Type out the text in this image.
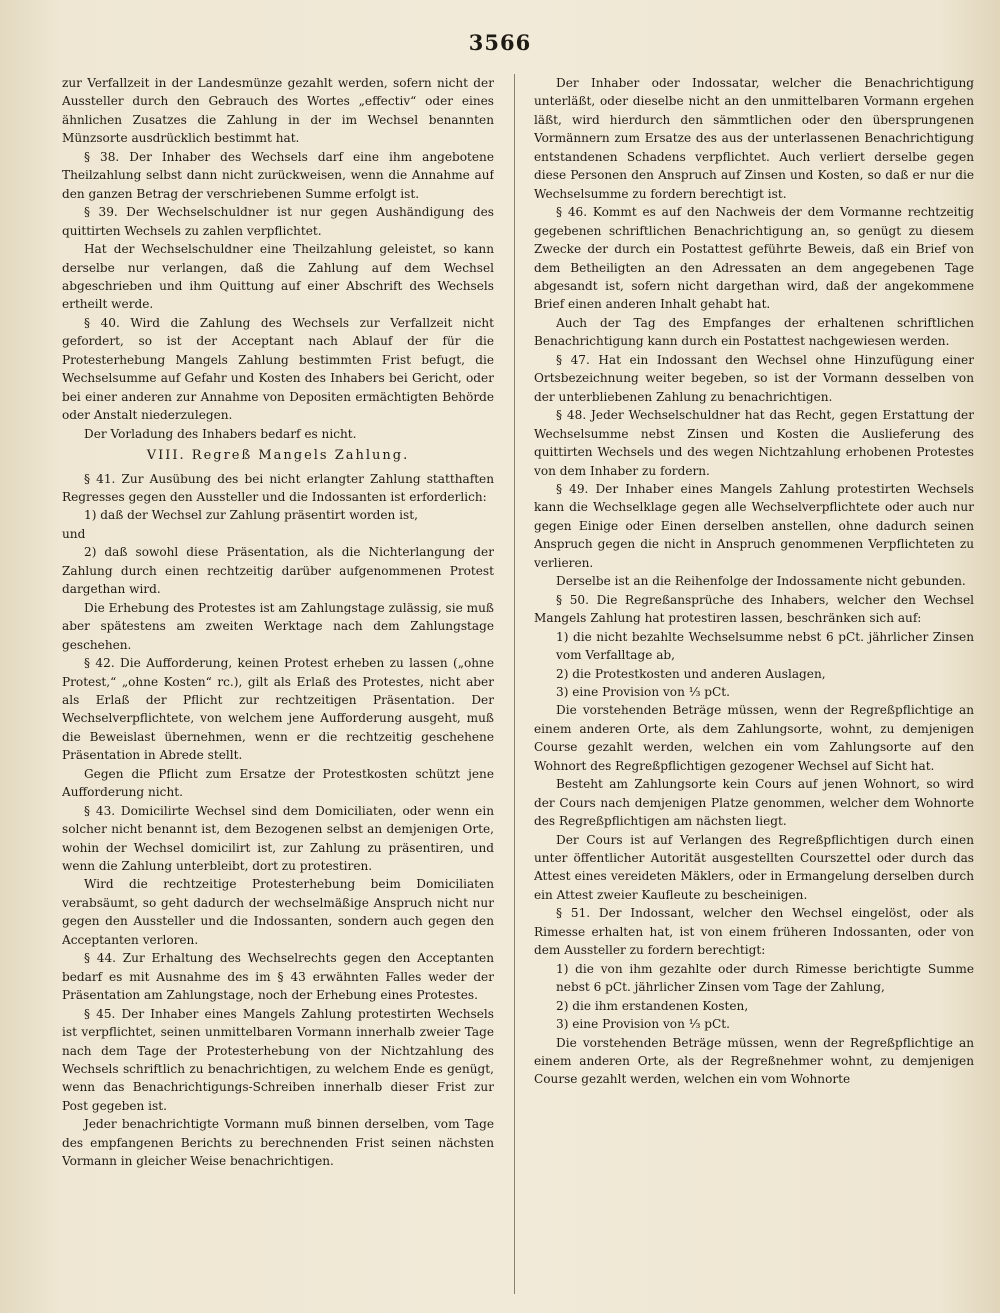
3566

zur Verfallzeit in der Landesmünze gezahlt werden, sofern nicht der Aussteller durch den Gebrauch des Wortes „effectiv“ oder eines ähnlichen Zusatzes die Zahlung in der im Wechsel benannten Münzsorte ausdrücklich bestimmt hat.

§ 38. Der Inhaber des Wechsels darf eine ihm angebotene Theilzahlung selbst dann nicht zurückweisen, wenn die Annahme auf den ganzen Betrag der verschriebenen Summe erfolgt ist.

§ 39. Der Wechselschuldner ist nur gegen Aushändigung des quittirten Wechsels zu zahlen verpflichtet.

Hat der Wechselschuldner eine Theilzahlung geleistet, so kann derselbe nur verlangen, daß die Zahlung auf dem Wechsel abgeschrieben und ihm Quittung auf einer Abschrift des Wechsels ertheilt werde.

§ 40. Wird die Zahlung des Wechsels zur Verfallzeit nicht gefordert, so ist der Acceptant nach Ablauf der für die Protesterhebung Mangels Zahlung bestimmten Frist befugt, die Wechselsumme auf Gefahr und Kosten des Inhabers bei Gericht, oder bei einer anderen zur Annahme von Depositen ermächtigten Behörde oder Anstalt niederzulegen.

Der Vorladung des Inhabers bedarf es nicht.

VIII. Regreß Mangels Zahlung.

§ 41. Zur Ausübung des bei nicht erlangter Zahlung statthaften Regresses gegen den Aussteller und die Indossanten ist erforderlich:

1) daß der Wechsel zur Zahlung präsentirt worden ist,

und

2) daß sowohl diese Präsentation, als die Nichterlangung der Zahlung durch einen rechtzeitig darüber aufgenommenen Protest dargethan wird.

Die Erhebung des Protestes ist am Zahlungstage zulässig, sie muß aber spätestens am zweiten Werktage nach dem Zahlungstage geschehen.

§ 42. Die Aufforderung, keinen Protest erheben zu lassen („ohne Protest,“ „ohne Kosten“ rc.), gilt als Erlaß des Protestes, nicht aber als Erlaß der Pflicht zur rechtzeitigen Präsentation. Der Wechselverpflichtete, von welchem jene Aufforderung ausgeht, muß die Beweislast übernehmen, wenn er die rechtzeitig geschehene Präsentation in Abrede stellt.

Gegen die Pflicht zum Ersatze der Protestkosten schützt jene Aufforderung nicht.

§ 43. Domicilirte Wechsel sind dem Domiciliaten, oder wenn ein solcher nicht benannt ist, dem Bezogenen selbst an demjenigen Orte, wohin der Wechsel domicilirt ist, zur Zahlung zu präsentiren, und wenn die Zahlung unterbleibt, dort zu protestiren.

Wird die rechtzeitige Protesterhebung beim Domiciliaten verabsäumt, so geht dadurch der wechselmäßige Anspruch nicht nur gegen den Aussteller und die Indossanten, sondern auch gegen den Acceptanten verloren.

§ 44. Zur Erhaltung des Wechselrechts gegen den Acceptanten bedarf es mit Ausnahme des im § 43 erwähnten Falles weder der Präsentation am Zahlungstage, noch der Erhebung eines Protestes.

§ 45. Der Inhaber eines Mangels Zahlung protestirten Wechsels ist verpflichtet, seinen unmittelbaren Vormann innerhalb zweier Tage nach dem Tage der Protesterhebung von der Nichtzahlung des Wechsels schriftlich zu benachrichtigen, zu welchem Ende es genügt, wenn das Benachrichtigungs-Schreiben innerhalb dieser Frist zur Post gegeben ist.

Jeder benachrichtigte Vormann muß binnen derselben, vom Tage des empfangenen Berichts zu berechnenden Frist seinen nächsten Vormann in gleicher Weise benachrichtigen.

Der Inhaber oder Indossatar, welcher die Benachrichtigung unterläßt, oder dieselbe nicht an den unmittelbaren Vormann ergehen läßt, wird hierdurch den sämmtlichen oder den übersprungenen Vormännern zum Ersatze des aus der unterlassenen Benachrichtigung entstandenen Schadens verpflichtet. Auch verliert derselbe gegen diese Personen den Anspruch auf Zinsen und Kosten, so daß er nur die Wechselsumme zu fordern berechtigt ist.

§ 46. Kommt es auf den Nachweis der dem Vormanne rechtzeitig gegebenen schriftlichen Benachrichtigung an, so genügt zu diesem Zwecke der durch ein Postattest geführte Beweis, daß ein Brief von dem Betheiligten an den Adressaten an dem angegebenen Tage abgesandt ist, sofern nicht dargethan wird, daß der angekommene Brief einen anderen Inhalt gehabt hat.

Auch der Tag des Empfanges der erhaltenen schriftlichen Benachrichtigung kann durch ein Postattest nachgewiesen werden.

§ 47. Hat ein Indossant den Wechsel ohne Hinzufügung einer Ortsbezeichnung weiter begeben, so ist der Vormann desselben von der unterbliebenen Zahlung zu benachrichtigen.

§ 48. Jeder Wechselschuldner hat das Recht, gegen Erstattung der Wechselsumme nebst Zinsen und Kosten die Auslieferung des quittirten Wechsels und des wegen Nichtzahlung erhobenen Protestes von dem Inhaber zu fordern.

§ 49. Der Inhaber eines Mangels Zahlung protestirten Wechsels kann die Wechselklage gegen alle Wechselverpflichtete oder auch nur gegen Einige oder Einen derselben anstellen, ohne dadurch seinen Anspruch gegen die nicht in Anspruch genommenen Verpflichteten zu verlieren.

Derselbe ist an die Reihenfolge der Indossamente nicht gebunden.

§ 50. Die Regreßansprüche des Inhabers, welcher den Wechsel Mangels Zahlung hat protestiren lassen, beschränken sich auf:

1) die nicht bezahlte Wechselsumme nebst 6 pCt. jährlicher Zinsen vom Verfalltage ab,

2) die Protestkosten und anderen Auslagen,

3) eine Provision von ⅓ pCt.

Die vorstehenden Beträge müssen, wenn der Regreßpflichtige an einem anderen Orte, als dem Zahlungsorte, wohnt, zu demjenigen Course gezahlt werden, welchen ein vom Zahlungsorte auf den Wohnort des Regreßpflichtigen gezogener Wechsel auf Sicht hat.

Besteht am Zahlungsorte kein Cours auf jenen Wohnort, so wird der Cours nach demjenigen Platze genommen, welcher dem Wohnorte des Regreßpflichtigen am nächsten liegt.

Der Cours ist auf Verlangen des Regreßpflichtigen durch einen unter öffentlicher Autorität ausgestellten Courszettel oder durch das Attest eines vereideten Mäklers, oder in Ermangelung derselben durch ein Attest zweier Kaufleute zu bescheinigen.

§ 51. Der Indossant, welcher den Wechsel eingelöst, oder als Rimesse erhalten hat, ist von einem früheren Indossanten, oder von dem Aussteller zu fordern berechtigt:

1) die von ihm gezahlte oder durch Rimesse berichtigte Summe nebst 6 pCt. jährlicher Zinsen vom Tage der Zahlung,

2) die ihm erstandenen Kosten,

3) eine Provision von ⅓ pCt.

Die vorstehenden Beträge müssen, wenn der Regreßpflichtige an einem anderen Orte, als der Regreßnehmer wohnt, zu demjenigen Course gezahlt werden, welchen ein vom Wohnorte
